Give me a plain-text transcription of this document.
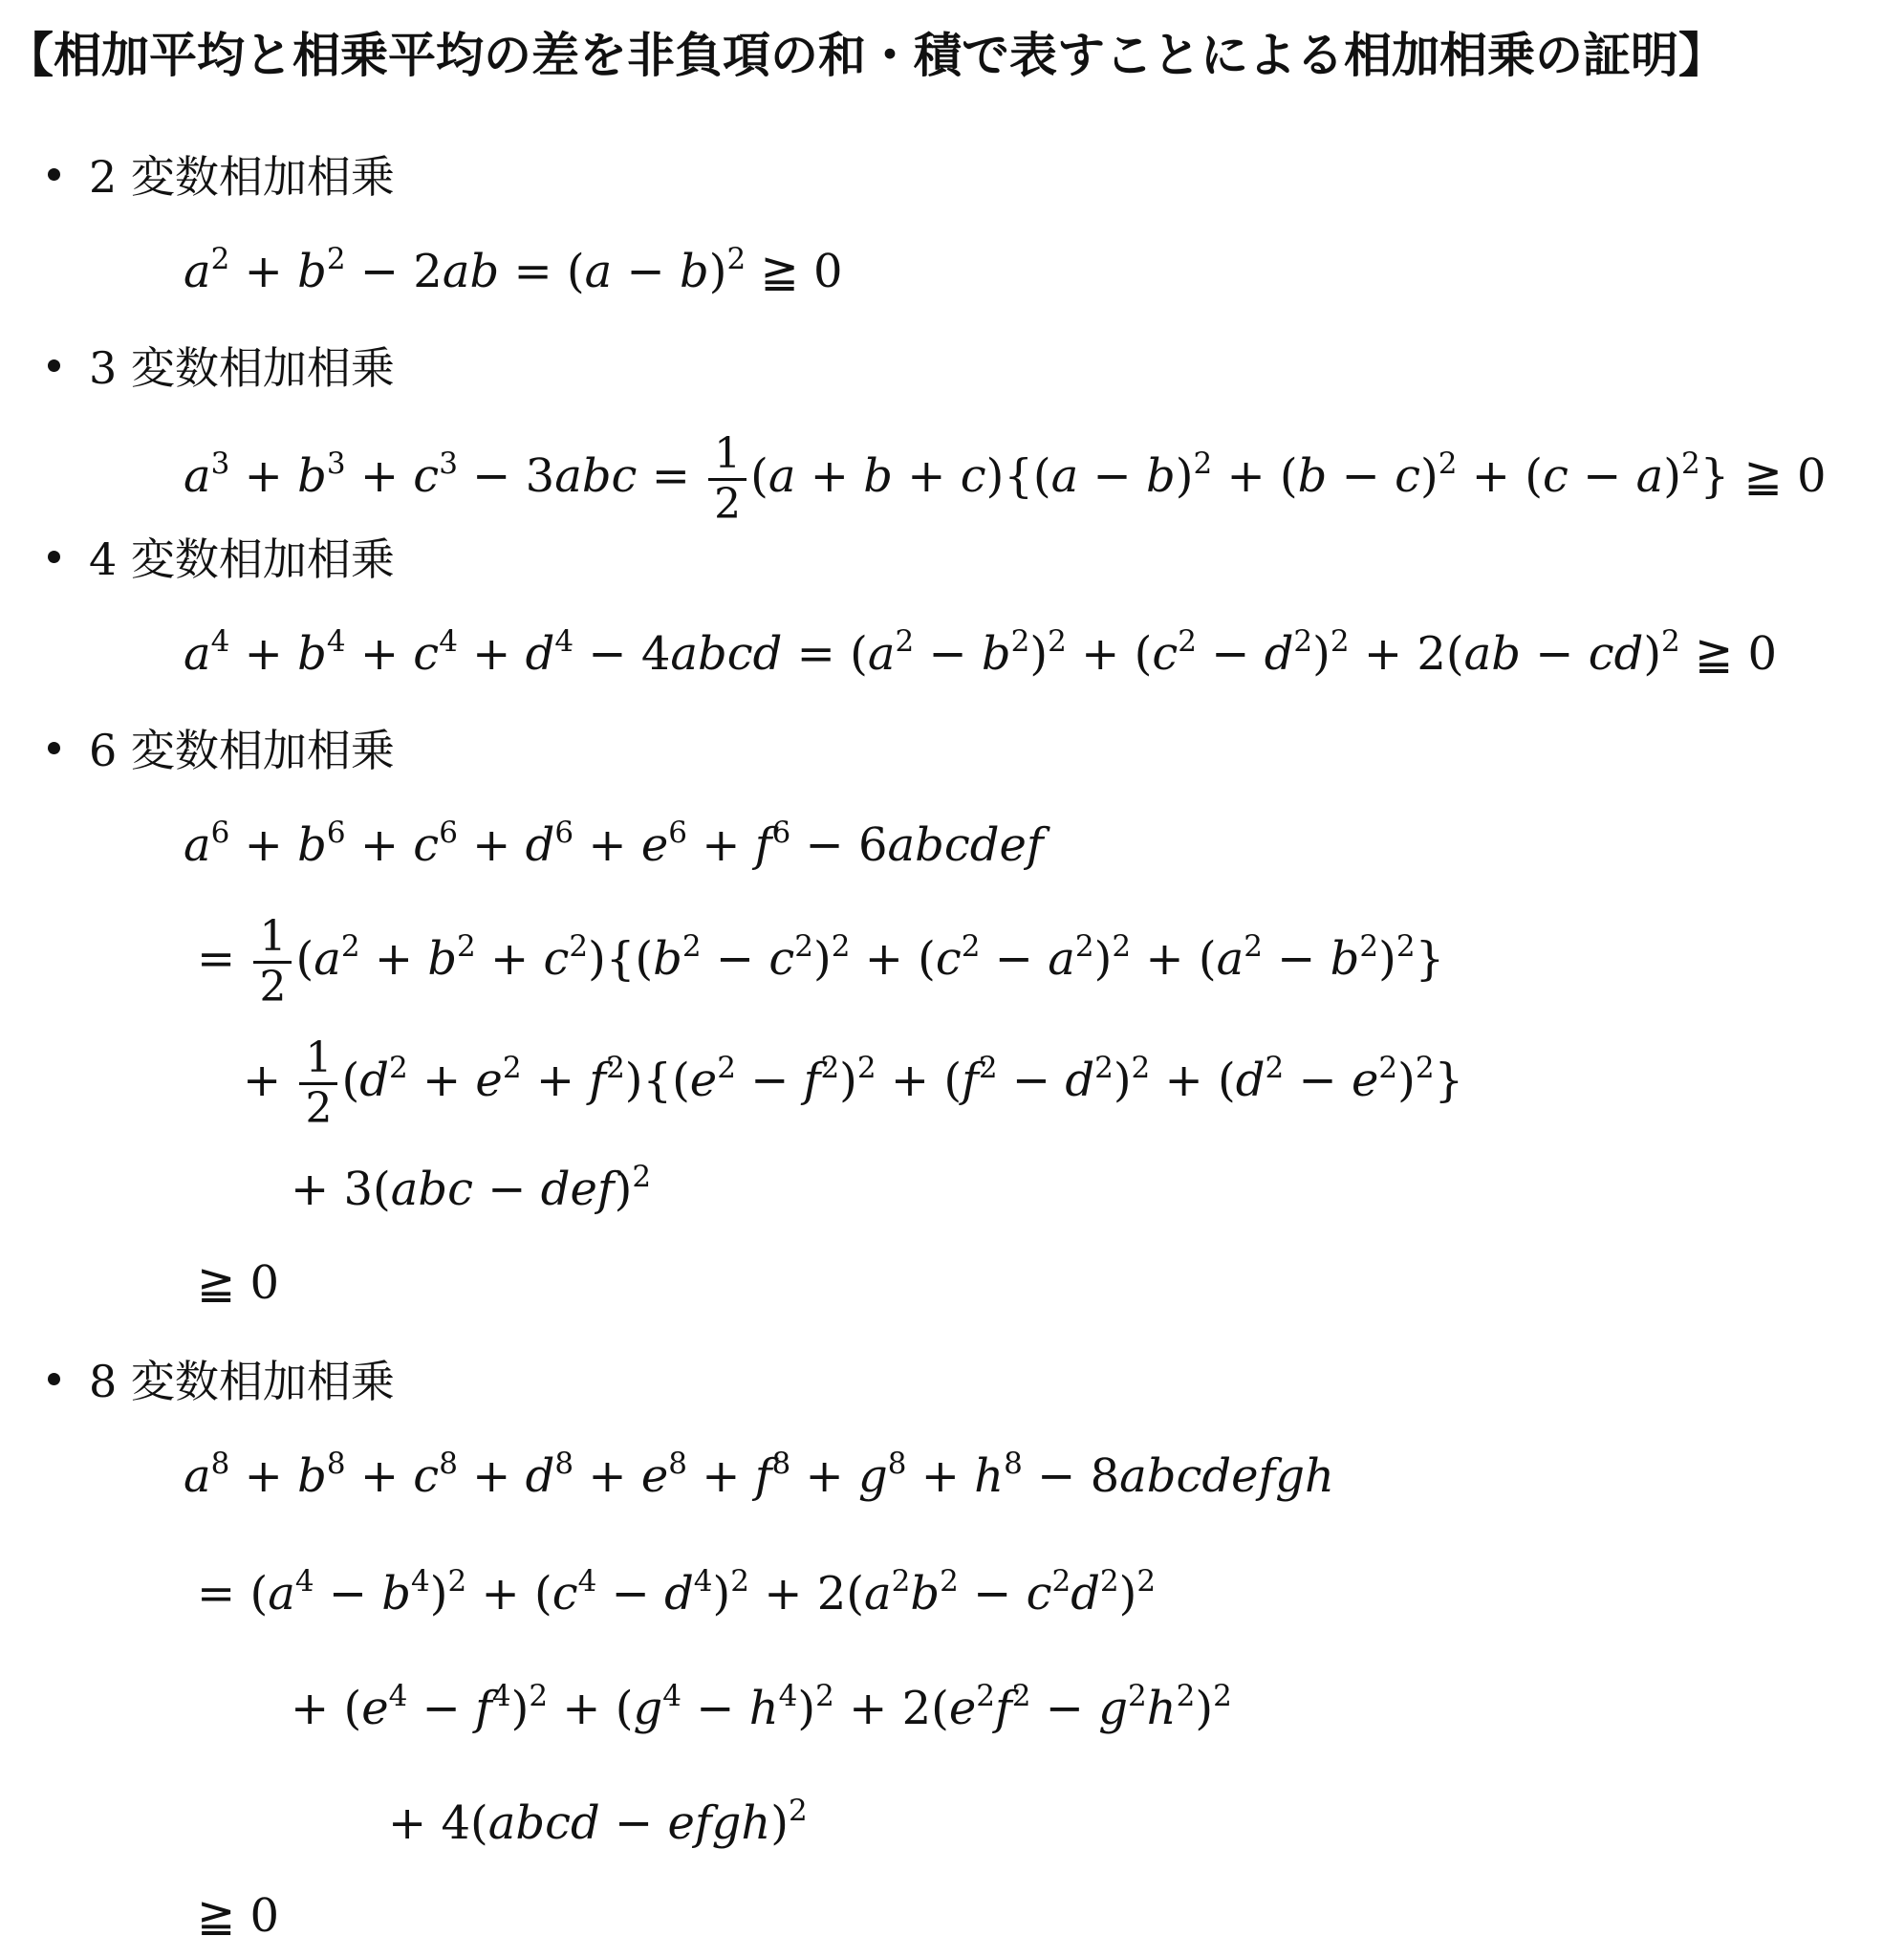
【相加平均と相乗平均の差を非負項の和・積で表すことによる相加相乗の証明】
2 変数相加相乗
$a^2 + b^2 - 2ab = (a - b)^2$ ≧ 0
3 変数相加相乗
$a^3 + b^3 + c^3 - 3abc = \frac{1}{2} (a + b + c)\{(a - b)^2 + (b - c)^2 + (c - a)^2\}$ ≧ 0
4 変数相加相乗
$a^4 + b^4 + c^4 + d^4$ − 4abcd = $(a^2 - b^2)^2 + (c^2 - d^2)^2 + 2(ab - cd)^2$ ≧ 0
6 変数相加相乗
$a^6 + b^6 + c^6 + d^6 + e^6 + f^6$ − 6abcdef
= $\frac{1}{2} (a^2 + b^2 + c^2)\{(b^2 - c^2)^2 + (c^2 - a^2)^2 + (a^2 - b^2)^2\}$
+ $\frac{1}{2} (d^2 + e^2 + f^2)\{(e^2 - f^2)^2 + (f^2 - d^2)^2 + (d^2 - e^2)^2\}$
+ 3(abc − def)$^2$
≧ 0
8 変数相加相乗
$a^8 + b^8 + c^8 + d^8 + e^8 + f^8 + g^8 + h^8$ − 8abcdefgh
= $(a^4 - b^4)^2 + (c^4 - d^4)^2 + 2(a^2b^2 - c^2d^2)^2$
+ $(e^4 - f^4)^2 + (g^4 - h^4)^2 + 2(e^2f^2 - g^2h^2)^2$
+ 4(abcd − efgh)$^2$
≧ 0
